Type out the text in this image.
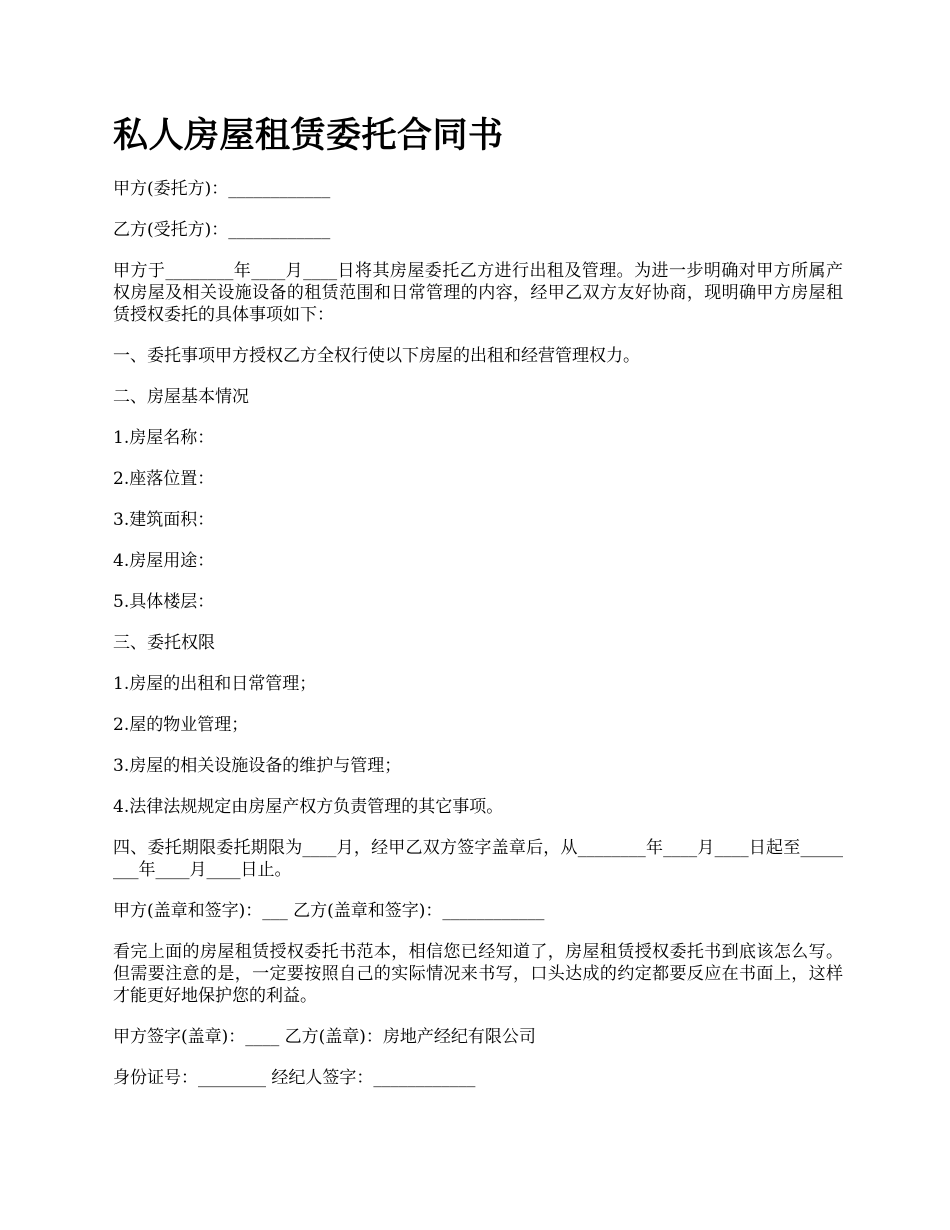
私人房屋租赁委托合同书

甲方(委托方)：____________

乙方(受托方)：____________

甲方于________年____月____日将其房屋委托乙方进行出租及管理。为进一步明确对甲方所属产权房屋及相关设施设备的租赁范围和日常管理的内容，经甲乙双方友好协商，现明确甲方房屋租赁授权委托的具体事项如下：

一、委托事项甲方授权乙方全权行使以下房屋的出租和经营管理权力。

二、房屋基本情况

1.房屋名称：

2.座落位置：

3.建筑面积：

4.房屋用途：

5.具体楼层：

三、委托权限

1.房屋的出租和日常管理；

2.屋的物业管理；

3.房屋的相关设施设备的维护与管理；

4.法律法规规定由房屋产权方负责管理的其它事项。

四、委托期限委托期限为____月，经甲乙双方签字盖章后，从________年____月____日起至________年____月____日止。

甲方(盖章和签字)：___ 乙方(盖章和签字)：____________

看完上面的房屋租赁授权委托书范本，相信您已经知道了，房屋租赁授权委托书到底该怎么写。但需要注意的是，一定要按照自己的实际情况来书写，口头达成的约定都要反应在书面上，这样才能更好地保护您的利益。

甲方签字(盖章)：____ 乙方(盖章)：房地产经纪有限公司

身份证号：________ 经纪人签字：____________
